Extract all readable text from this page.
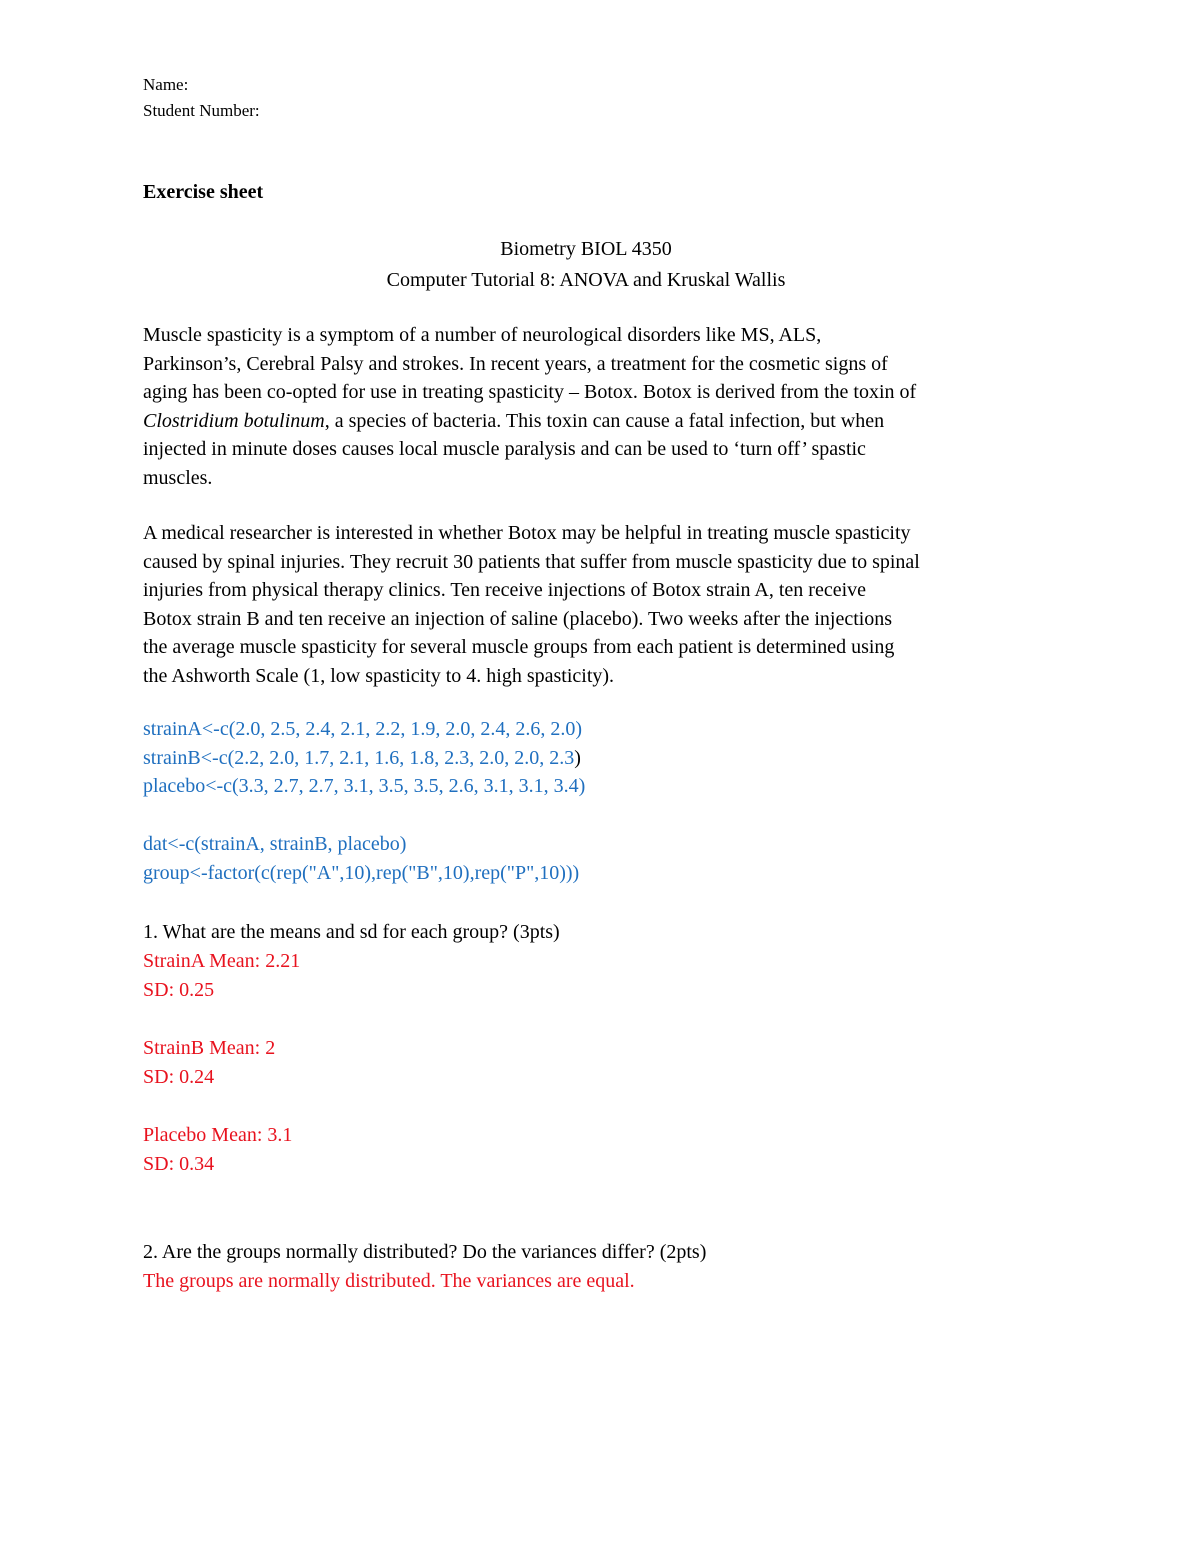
Name:
Student Number:
Exercise sheet
Biometry BIOL 4350
Computer Tutorial 8: ANOVA and Kruskal Wallis
Muscle spasticity is a symptom of a number of neurological disorders like MS, ALS,
Parkinson’s, Cerebral Palsy and strokes. In recent years, a treatment for the cosmetic signs of
aging has been co-opted for use in treating spasticity – Botox. Botox is derived from the toxin of
Clostridium botulinum, a species of bacteria. This toxin can cause a fatal infection, but when
injected in minute doses causes local muscle paralysis and can be used to ‘turn off’ spastic
muscles.
A medical researcher is interested in whether Botox may be helpful in treating muscle spasticity
caused by spinal injuries. They recruit 30 patients that suffer from muscle spasticity due to spinal
injuries from physical therapy clinics. Ten receive injections of Botox strain A, ten receive
Botox strain B and ten receive an injection of saline (placebo). Two weeks after the injections
the average muscle spasticity for several muscle groups from each patient is determined using
the Ashworth Scale (1, low spasticity to 4. high spasticity).
strainA<-c(2.0, 2.5, 2.4, 2.1, 2.2, 1.9, 2.0, 2.4, 2.6, 2.0)
strainB<-c(2.2, 2.0, 1.7, 2.1, 1.6, 1.8, 2.3, 2.0, 2.0, 2.3)
placebo<-c(3.3, 2.7, 2.7, 3.1, 3.5, 3.5, 2.6, 3.1, 3.1, 3.4)
dat<-c(strainA, strainB, placebo)
group<-factor(c(rep("A",10),rep("B",10),rep("P",10)))
1. What are the means and sd for each group? (3pts)
StrainA Mean: 2.21
SD: 0.25
StrainB Mean: 2
SD: 0.24
Placebo Mean: 3.1
SD: 0.34
2. Are the groups normally distributed? Do the variances differ? (2pts)
The groups are normally distributed. The variances are equal.
